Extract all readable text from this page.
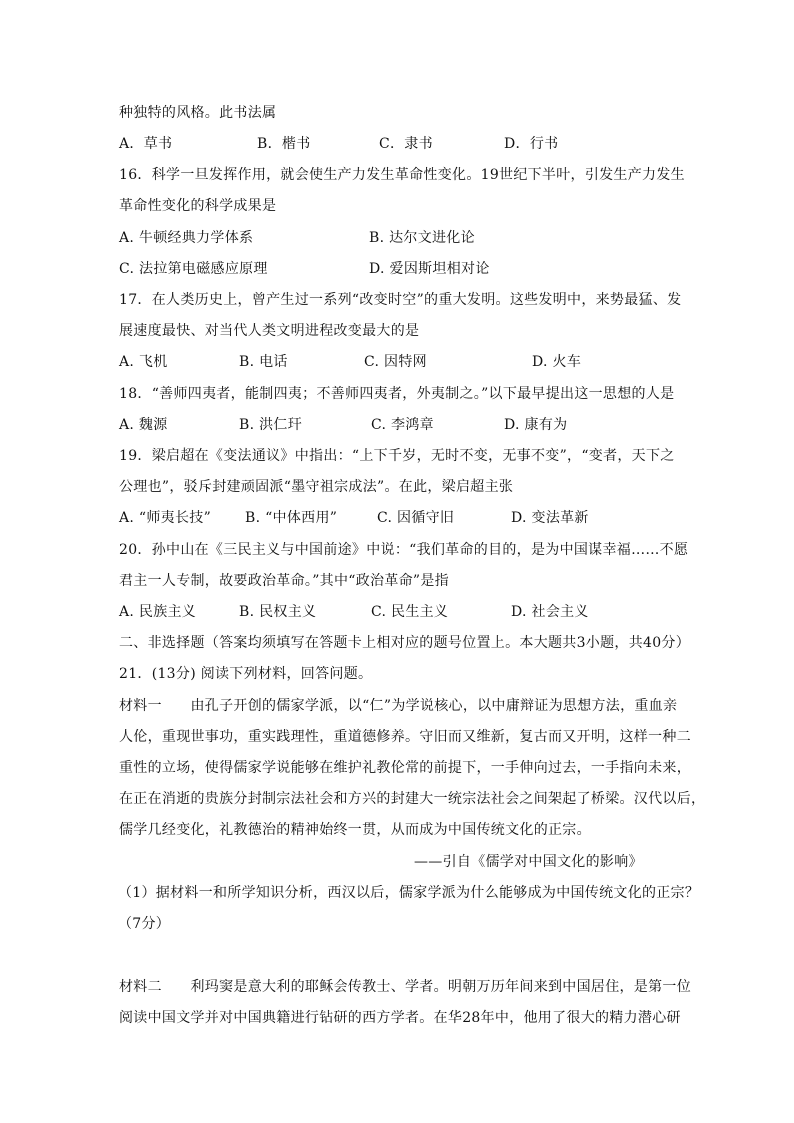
种独特的风格。此书法属
A．草书	B．楷书	C．隶书	D．行书
16．科学一旦发挥作用，就会使生产力发生革命性变化。19世纪下半叶，引发生产力发生
革命性变化的科学成果是
A. 牛顿经典力学体系	B. 达尔文进化论
C. 法拉第电磁感应原理	D. 爱因斯坦相对论
17．在人类历史上，曾产生过一系列“改变时空”的重大发明。这些发明中，来势最猛、发
展速度最快、对当代人类文明进程改变最大的是
A. 飞机	B. 电话	C. 因特网	D. 火车
18．“善师四夷者，能制四夷；不善师四夷者，外夷制之。”以下最早提出这一思想的人是
A. 魏源	B. 洪仁玕	C. 李鸿章	D. 康有为
19．梁启超在《变法通议》中指出：“上下千岁，无时不变，无事不变”，“变者，天下之
公理也”，驳斥封建顽固派“墨守祖宗成法”。在此，梁启超主张
A. “师夷长技” B. “中体西用”	C. 因循守旧	D. 变法革新
20．孙中山在《三民主义与中国前途》中说：“我们革命的目的，是为中国谋幸福……不愿
君主一人专制，故要政治革命。”其中“政治革命”是指
A. 民族主义	B. 民权主义	C. 民生主义	D. 社会主义
二、非选择题（答案均须填写在答题卡上相对应的题号位置上。本大题共3小题，共40分）
21．(13分) 阅读下列材料，回答问题。
材料一　　由孔子开创的儒家学派，以“仁”为学说核心，以中庸辩证为思想方法，重血亲
人伦，重现世事功，重实践理性，重道德修养。守旧而又维新，复古而又开明，这样一种二
重性的立场，使得儒家学说能够在维护礼教伦常的前提下，一手伸向过去，一手指向未来，
在正在消逝的贵族分封制宗法社会和方兴的封建大一统宗法社会之间架起了桥梁。汉代以后，
儒学几经变化，礼教德治的精神始终一贯，从而成为中国传统文化的正宗。
——引自《儒学对中国文化的影响》
（1）据材料一和所学知识分析，西汉以后，儒家学派为什么能够成为中国传统文化的正宗？
（7分）
材料二　　利玛窦是意大利的耶稣会传教士、学者。明朝万历年间来到中国居住，是第一位
阅读中国文学并对中国典籍进行钻研的西方学者。在华28年中，他用了很大的精力潜心研
